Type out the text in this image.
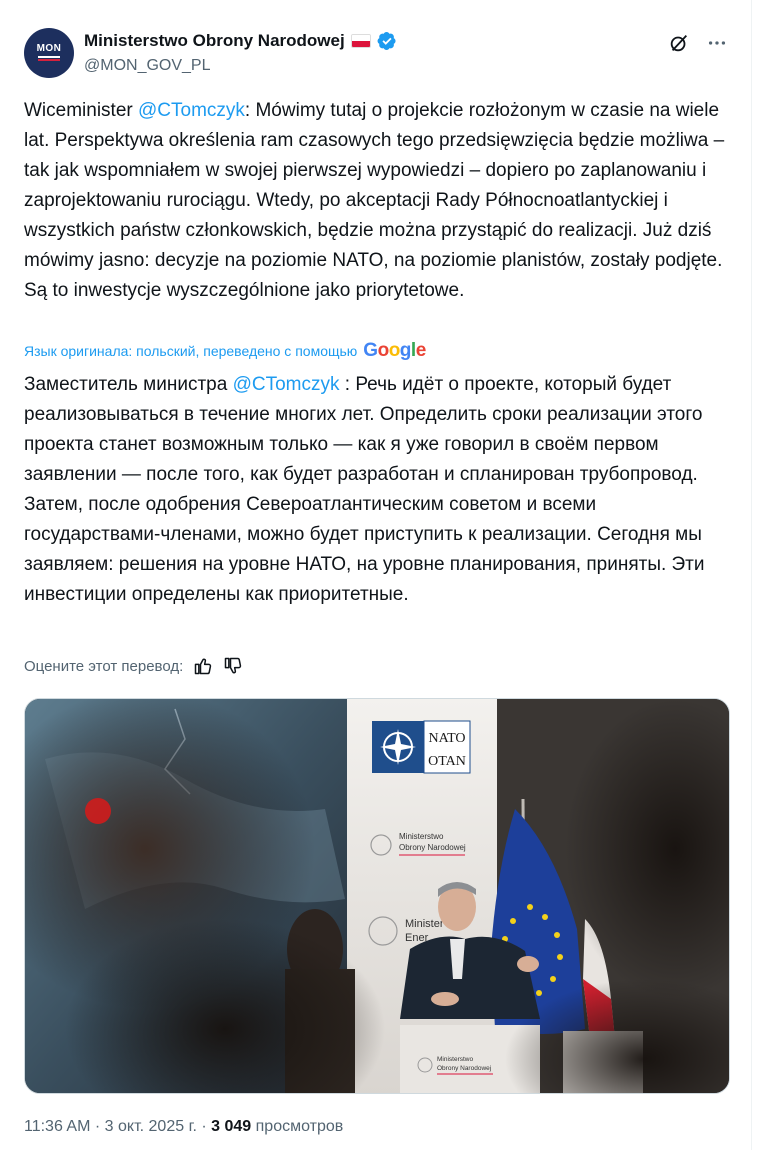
MON Ministerstwo Obrony Narodowej
@MON_GOV_PL
Wiceminister @CTomczyk: Mówimy tutaj o projekcie rozłożonym w czasie na wiele lat. Perspektywa określenia ram czasowych tego przedsięwzięcia będzie możliwa – tak jak wspomniałem w swojej pierwszej wypowiedzi – dopiero po zaplanowaniu i zaprojektowaniu rurociągu. Wtedy, po akceptacji Rady Północnoatlantyckiej i wszystkich państw członkowskich, będzie można przystąpić do realizacji. Już dziś mówimy jasno: decyzje na poziomie NATO, na poziomie planistów, zostały podjęte. Są to inwestycje wyszczególnione jako priorytetowe.
Язык оригинала: польский, переведено с помощью Google
Заместитель министра @CTomczyk : Речь идёт о проекте, который будет реализовываться в течение многих лет. Определить сроки реализации этого проекта станет возможным только — как я уже говорил в своём первом заявлении — после того, как будет разработан и спланирован трубопровод. Затем, после одобрения Североатлантическим советом и всеми государствами-членами, можно будет приступить к реализации. Сегодня мы заявляем: решения на уровне НАТО, на уровне планирования, приняты. Эти инвестиции определены как приоритетные.
Оцените этот перевод:
NATO
OTAN
Ministerstwo
Obrony Narodowej
Minister
Ener
Ministerstwo
Obrony Narodowej
11:36 AM · 3 окт. 2025 г. · 3 049 просмотров
